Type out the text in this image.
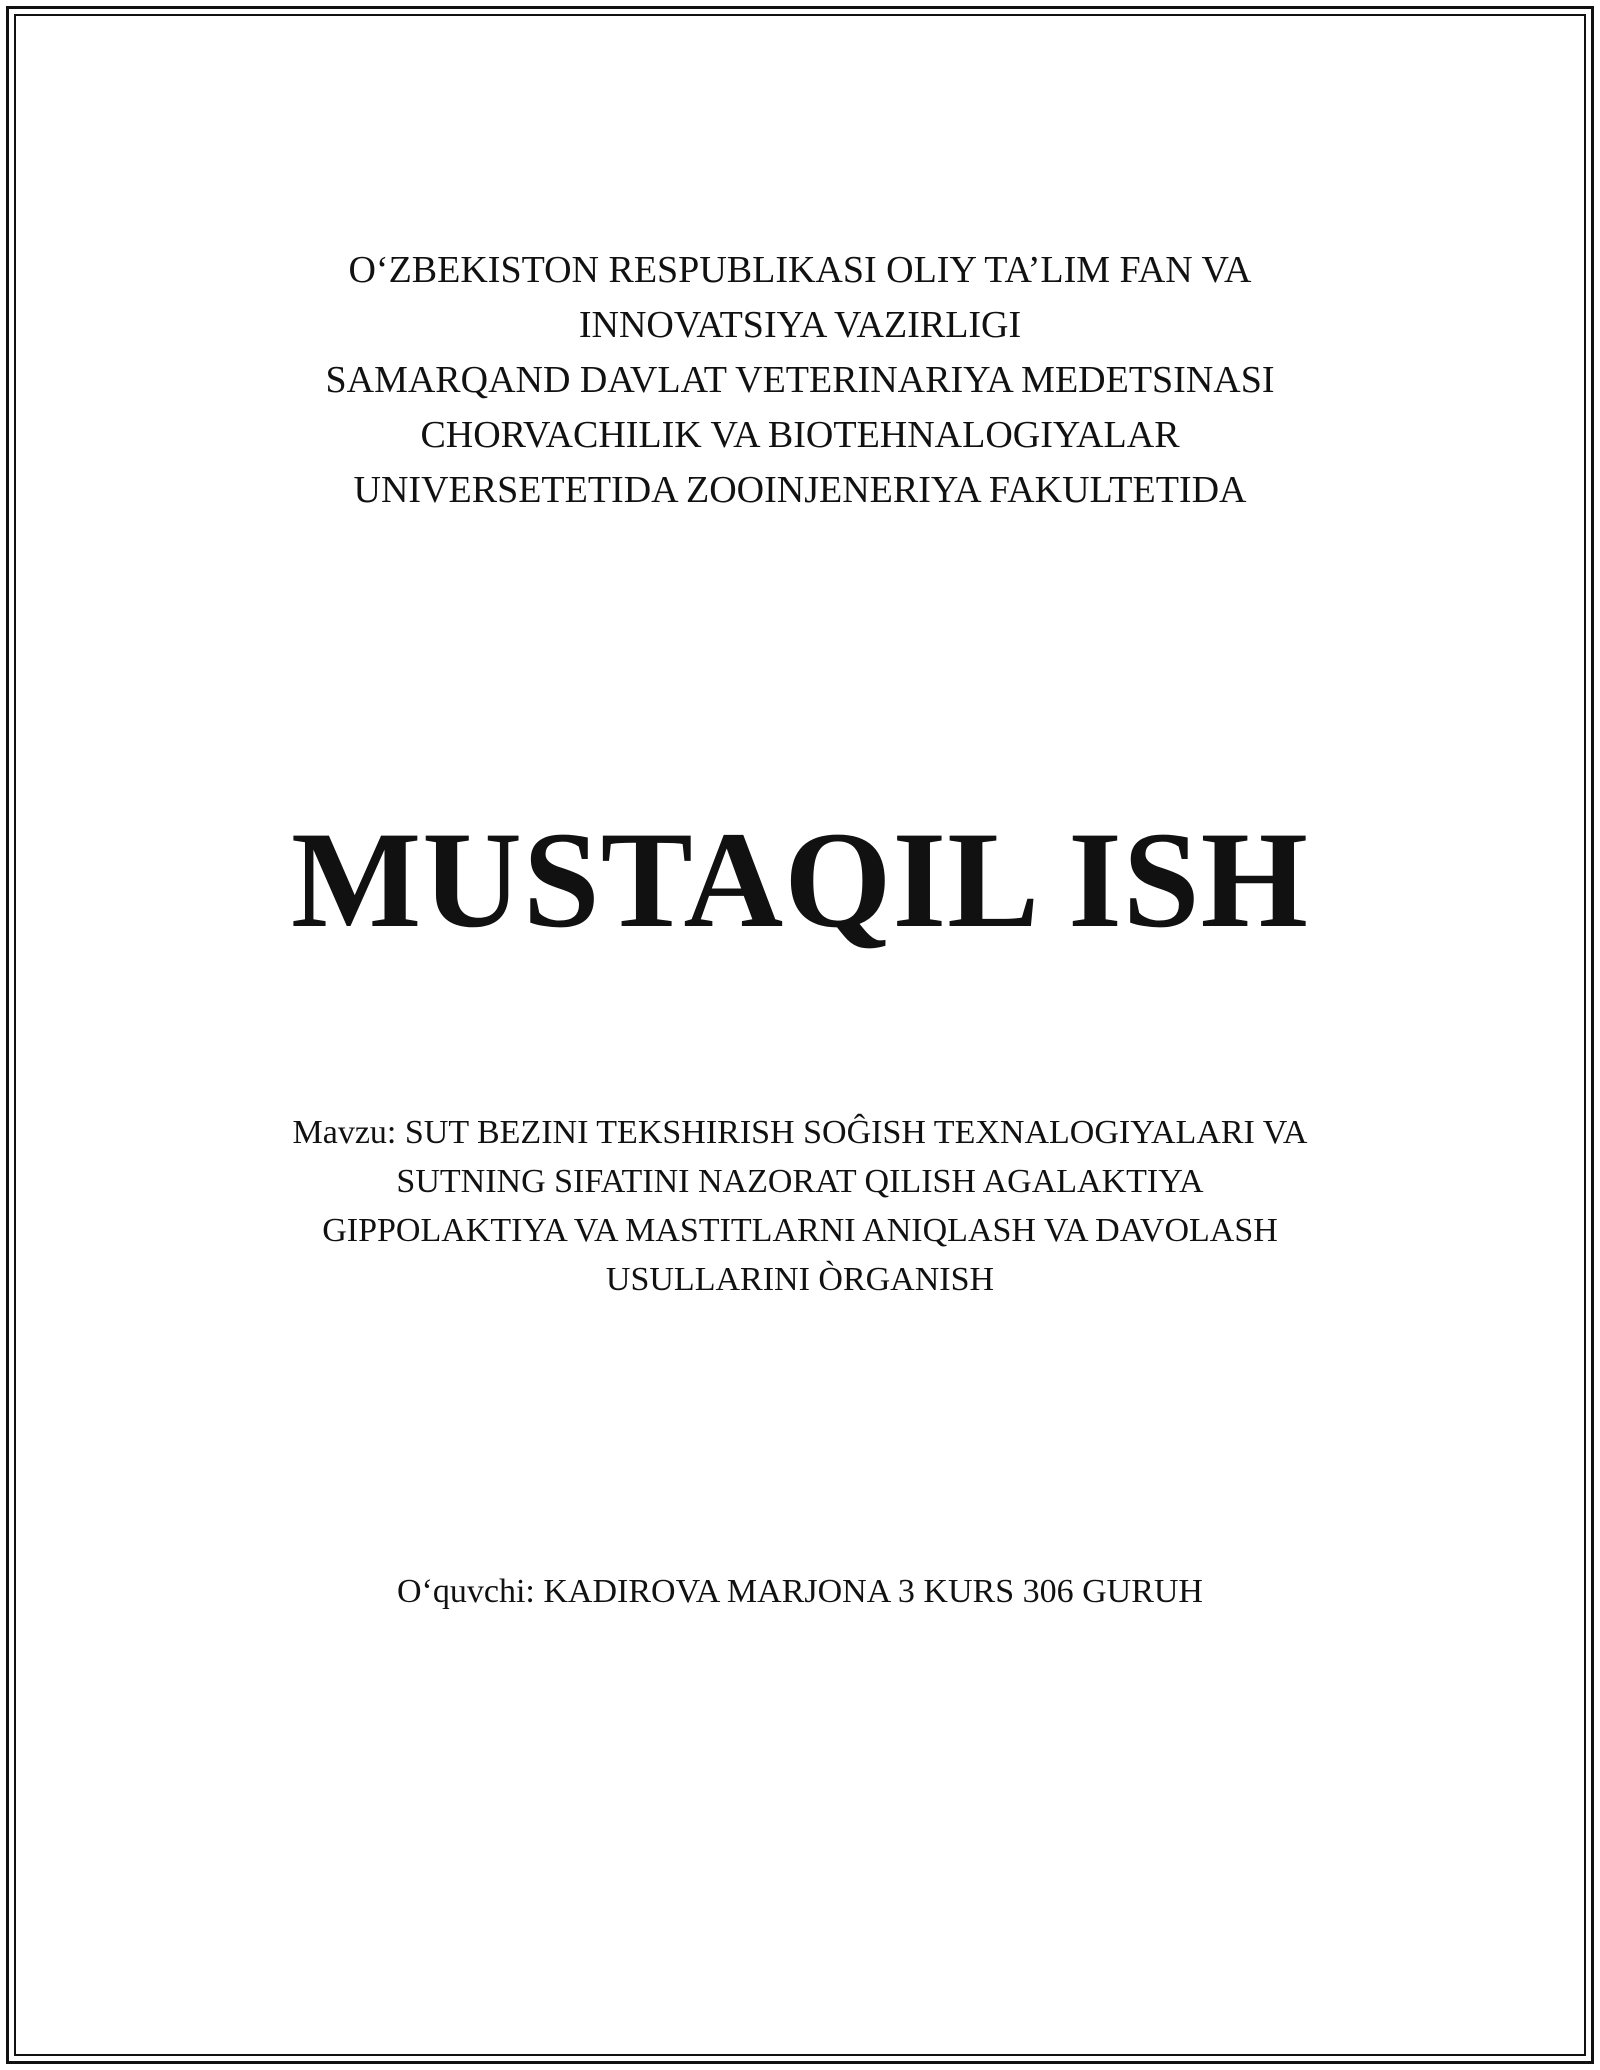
O‘ZBEKISTON RESPUBLIKASI OLIY TA’LIM FAN VA
INNOVATSIYA VAZIRLIGI
SAMARQAND DAVLAT VETERINARIYA MEDETSINASI
CHORVACHILIK VA BIOTEHNALOGIYALAR
UNIVERSETETIDA ZOOINJENERIYA FAKULTETIDA
MUSTAQIL ISH
Mavzu: SUT BEZINI TEKSHIRISH SOĜISH TEXNALOGIYALARI VA
SUTNING SIFATINI NAZORAT QILISH AGALAKTIYA
GIPPOLAKTIYA VA MASTITLARNI ANIQLASH VA DAVOLASH
USULLARINI ÒRGANISH
O‘quvchi: KADIROVA MARJONA 3 KURS 306 GURUH
